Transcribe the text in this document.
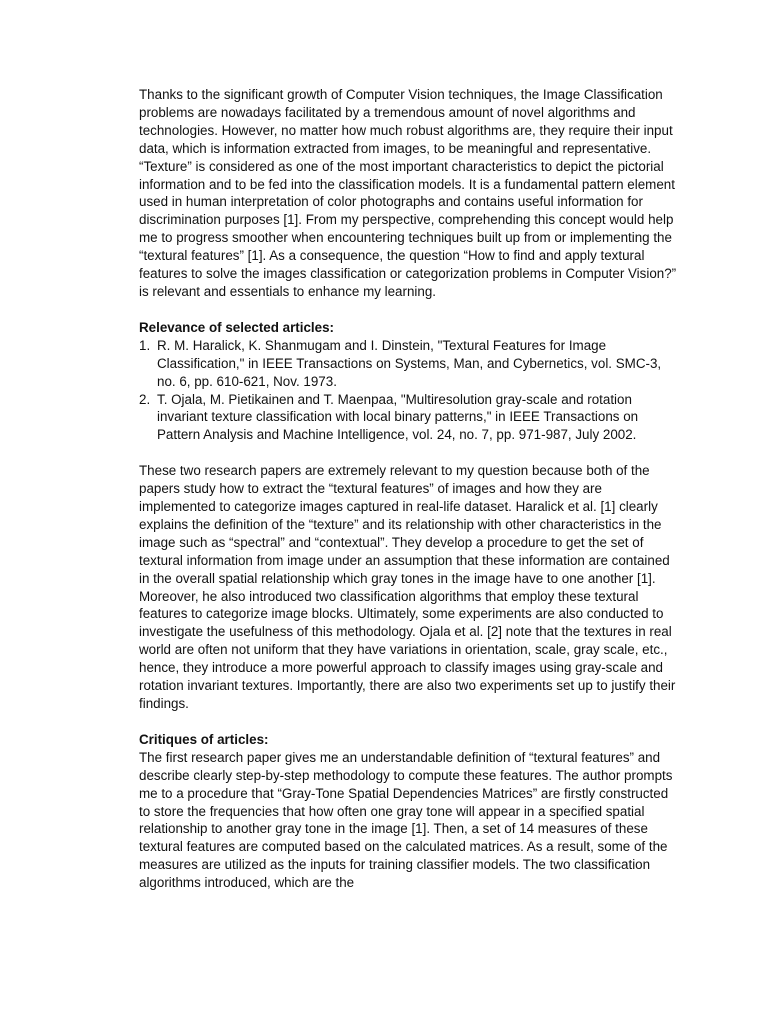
Thanks to the significant growth of Computer Vision techniques, the Image Classification problems are nowadays facilitated by a tremendous amount of novel algorithms and technologies. However, no matter how much robust algorithms are, they require their input data, which is information extracted from images, to be meaningful and representative. “Texture” is considered as one of the most important characteristics to depict the pictorial information and to be fed into the classification models. It is a fundamental pattern element used in human interpretation of color photographs and contains useful information for discrimination purposes [1]. From my perspective, comprehending this concept would help me to progress smoother when encountering techniques built up from or implementing the “textural features” [1]. As a consequence, the question “How to find and apply textural features to solve the images classification or categorization problems in Computer Vision?” is relevant and essentials to enhance my learning.

Relevance of selected articles:

1. R. M. Haralick, K. Shanmugam and I. Dinstein, "Textural Features for Image Classification," in IEEE Transactions on Systems, Man, and Cybernetics, vol. SMC-3, no. 6, pp. 610-621, Nov. 1973.
2. T. Ojala, M. Pietikainen and T. Maenpaa, "Multiresolution gray-scale and rotation invariant texture classification with local binary patterns," in IEEE Transactions on Pattern Analysis and Machine Intelligence, vol. 24, no. 7, pp. 971-987, July 2002.

These two research papers are extremely relevant to my question because both of the papers study how to extract the “textural features” of images and how they are implemented to categorize images captured in real-life dataset. Haralick et al. [1] clearly explains the definition of the “texture” and its relationship with other characteristics in the image such as “spectral” and “contextual”. They develop a procedure to get the set of textural information from image under an assumption that these information are contained in the overall spatial relationship which gray tones in the image have to one another [1]. Moreover, he also introduced two classification algorithms that employ these textural features to categorize image blocks. Ultimately, some experiments are also conducted to investigate the usefulness of this methodology. Ojala et al. [2] note that the textures in real world are often not uniform that they have variations in orientation, scale, gray scale, etc., hence, they introduce a more powerful approach to classify images using gray-scale and rotation invariant textures. Importantly, there are also two experiments set up to justify their findings.

Critiques of articles:

The first research paper gives me an understandable definition of “textural features” and describe clearly step-by-step methodology to compute these features. The author prompts me to a procedure that “Gray-Tone Spatial Dependencies Matrices” are firstly constructed to store the frequencies that how often one gray tone will appear in a specified spatial relationship to another gray tone in the image [1]. Then, a set of 14 measures of these textural features are computed based on the calculated matrices. As a result, some of the measures are utilized as the inputs for training classifier models. The two classification algorithms introduced, which are the
